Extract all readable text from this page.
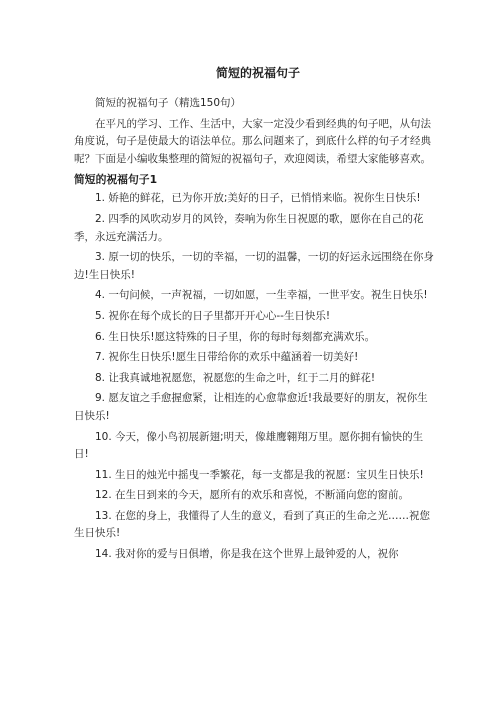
简短的祝福句子

简短的祝福句子（精选150句）

在平凡的学习、工作、生活中，大家一定没少看到经典的句子吧，从句法角度说，句子是使最大的语法单位。那么问题来了，到底什么样的句子才经典呢？下面是小编收集整理的简短的祝福句子，欢迎阅读，希望大家能够喜欢。

简短的祝福句子1

1. 娇艳的鲜花，已为你开放;美好的日子，已悄悄来临。祝你生日快乐!

2. 四季的风吹动岁月的风铃，奏响为你生日祝愿的歌，愿你在自己的花季，永远充满活力。

3. 原一切的快乐，一切的幸福，一切的温馨，一切的好运永远围绕在你身边!生日快乐!

4. 一句问候，一声祝福，一切如愿，一生幸福，一世平安。祝生日快乐!

5. 祝你在每个成长的日子里都开开心心--生日快乐!

6. 生日快乐!愿这特殊的日子里，你的每时每刻都充满欢乐。

7. 祝你生日快乐!愿生日带给你的欢乐中蕴涵着一切美好!

8. 让我真诚地祝愿您，祝愿您的生命之叶，红于二月的鲜花!

9. 愿友谊之手愈握愈紧，让相连的心愈靠愈近!我最要好的朋友，祝你生日快乐!

10. 今天，像小鸟初展新翅;明天，像雄鹰翱翔万里。愿你拥有愉快的生日!

11. 生日的烛光中摇曳一季繁花，每一支都是我的祝愿：宝贝生日快乐!

12. 在生日到来的今天，愿所有的欢乐和喜悦，不断涌向您的窗前。

13. 在您的身上，我懂得了人生的意义，看到了真正的生命之光……祝您生日快乐!

14. 我对你的爱与日俱增，你是我在这个世界上最钟爱的人，祝你
